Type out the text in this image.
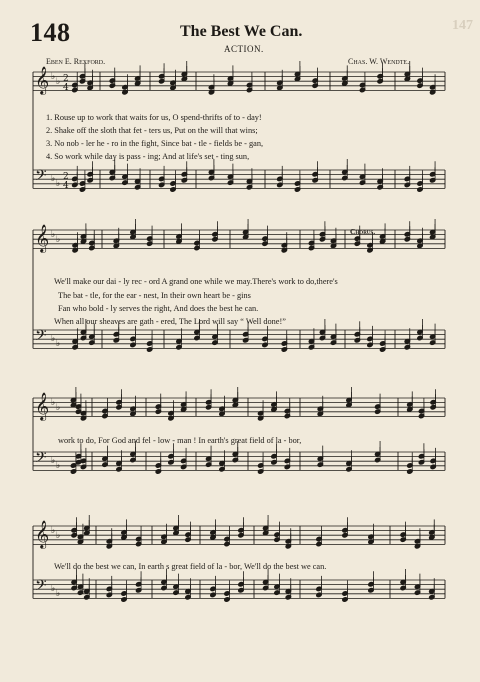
148	The Best We Can.	147
ACTION.
Eben E. Rexford.	Chas. W. Wendte.
𝄞
𝄢
♭ ♭
♭ ♭
2
4
2
4
𝄞
𝄢
♭ ♭
♭ ♭
𝄞
𝄢
♭ ♭
♭ ♭
𝄞
𝄢
♭ ♭
♭ ♭
1. Rouse up to work that waits for us, O spend-thrifts of to - day!
2. Shake off the sloth that fet - ters us, Put on the will that wins;
3. No nob - ler he - ro in the fight, Since bat - tle - fields be - gan,
4. So work while day is pass - ing; And at life's set - ting sun,
Chorus.
We'll make our dai - ly rec - ord A grand one while we may.There's work to do,there's
The bat - tle, for the ear - nest, In their own heart be - gins
Fan who bold - ly serves the right, And does the best he can.
When all our sheaves are gath - ered, The Lord will say “ Well done!”
work to do, For God and fel - low - man ! In earth's great field of la - bor,
We'll do the best we can, In earth s great field of la - bor, We'll do the best we can.
